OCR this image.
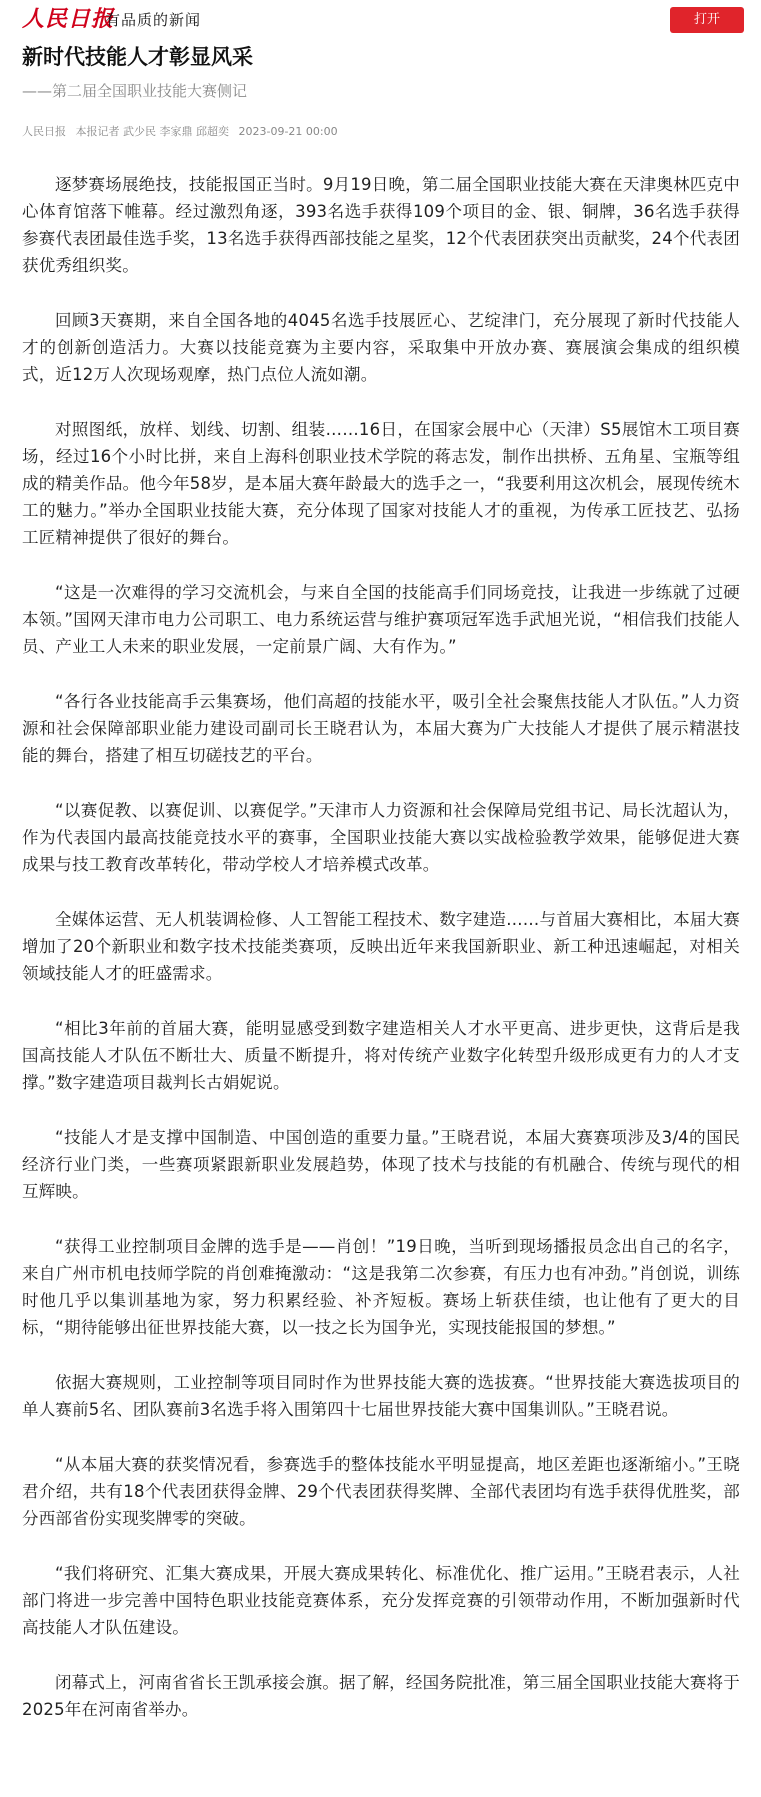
人民日报
有品质的新闻	打开
新时代技能人才彰显风采
——第二届全国职业技能大赛侧记
人民日报 本报记者 武少民 李家鼎 邱超奕 2023-09-21 00:00

逐梦赛场展绝技，技能报国正当时。9月19日晚，第二届全国职业技能大赛在天津奥林匹克中心体育馆落下帷幕。经过激烈角逐，393名选手获得109个项目的金、银、铜牌，36名选手获得参赛代表团最佳选手奖，13名选手获得西部技能之星奖，12个代表团获突出贡献奖，24个代表团获优秀组织奖。

回顾3天赛期，来自全国各地的4045名选手技展匠心、艺绽津门，充分展现了新时代技能人才的创新创造活力。大赛以技能竞赛为主要内容，采取集中开放办赛、赛展演会集成的组织模式，近12万人次现场观摩，热门点位人流如潮。

对照图纸，放样、划线、切割、组装……16日，在国家会展中心（天津）S5展馆木工项目赛场，经过16个小时比拼，来自上海科创职业技术学院的蒋志发，制作出拱桥、五角星、宝瓶等组成的精美作品。他今年58岁，是本届大赛年龄最大的选手之一，“我要利用这次机会，展现传统木工的魅力。”举办全国职业技能大赛，充分体现了国家对技能人才的重视，为传承工匠技艺、弘扬工匠精神提供了很好的舞台。

“这是一次难得的学习交流机会，与来自全国的技能高手们同场竞技，让我进一步练就了过硬本领。”国网天津市电力公司职工、电力系统运营与维护赛项冠军选手武旭光说，“相信我们技能人员、产业工人未来的职业发展，一定前景广阔、大有作为。”

“各行各业技能高手云集赛场，他们高超的技能水平，吸引全社会聚焦技能人才队伍。”人力资源和社会保障部职业能力建设司副司长王晓君认为，本届大赛为广大技能人才提供了展示精湛技能的舞台，搭建了相互切磋技艺的平台。

“以赛促教、以赛促训、以赛促学。”天津市人力资源和社会保障局党组书记、局长沈超认为，作为代表国内最高技能竞技水平的赛事，全国职业技能大赛以实战检验教学效果，能够促进大赛成果与技工教育改革转化，带动学校人才培养模式改革。

全媒体运营、无人机装调检修、人工智能工程技术、数字建造……与首届大赛相比，本届大赛增加了20个新职业和数字技术技能类赛项，反映出近年来我国新职业、新工种迅速崛起，对相关领域技能人才的旺盛需求。

“相比3年前的首届大赛，能明显感受到数字建造相关人才水平更高、进步更快，这背后是我国高技能人才队伍不断壮大、质量不断提升，将对传统产业数字化转型升级形成更有力的人才支撑。”数字建造项目裁判长古娟妮说。

“技能人才是支撑中国制造、中国创造的重要力量。”王晓君说，本届大赛赛项涉及3/4的国民经济行业门类，一些赛项紧跟新职业发展趋势，体现了技术与技能的有机融合、传统与现代的相互辉映。

“获得工业控制项目金牌的选手是——肖创！”19日晚，当听到现场播报员念出自己的名字，来自广州市机电技师学院的肖创难掩激动：“这是我第二次参赛，有压力也有冲劲。”肖创说，训练时他几乎以集训基地为家，努力积累经验、补齐短板。赛场上斩获佳绩，也让他有了更大的目标，“期待能够出征世界技能大赛，以一技之长为国争光，实现技能报国的梦想。”

依据大赛规则，工业控制等项目同时作为世界技能大赛的选拔赛。“世界技能大赛选拔项目的单人赛前5名、团队赛前3名选手将入围第四十七届世界技能大赛中国集训队。”王晓君说。

“从本届大赛的获奖情况看，参赛选手的整体技能水平明显提高，地区差距也逐渐缩小。”王晓君介绍，共有18个代表团获得金牌、29个代表团获得奖牌、全部代表团均有选手获得优胜奖，部分西部省份实现奖牌零的突破。

“我们将研究、汇集大赛成果，开展大赛成果转化、标准优化、推广运用。”王晓君表示，人社部门将进一步完善中国特色职业技能竞赛体系，充分发挥竞赛的引领带动作用，不断加强新时代高技能人才队伍建设。

闭幕式上，河南省省长王凯承接会旗。据了解，经国务院批准，第三届全国职业技能大赛将于2025年在河南省举办。
